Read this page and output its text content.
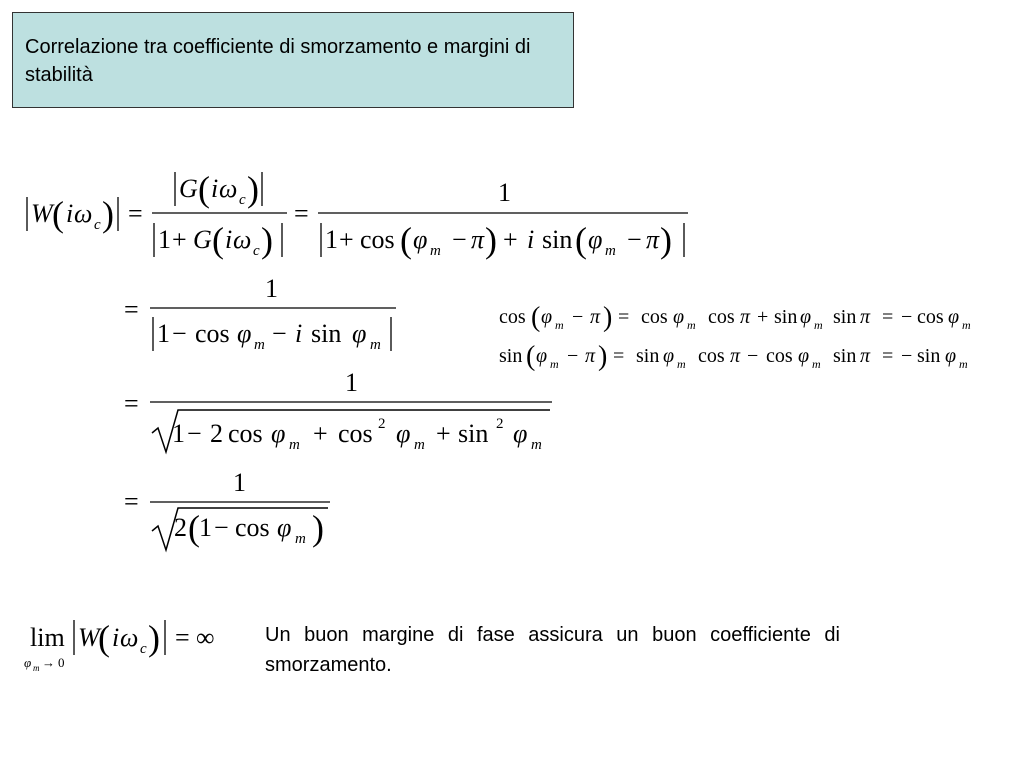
Correlazione tra coefficiente di smorzamento e margini di stabilità
W ( i ω c ) =
G ( i ω c )
1 + G ( i ω c )
=
1
1 + cos ( φ m − π ) + i sin ( φ m − π )
=
1
1 − cos φ m − i sin φ m
cos ( φ m − π ) = cos φ m cos π + sin φ m sin π = − cos φ m
sin ( φ m − π ) = sin φ m cos π − cos φ m sin π = − sin φ m
=
1
1 − 2 cos φ m + cos 2 φ m + sin 2 φ m
=
1
2 ( 1 − cos φ m )
lim
φ m → 0
W
( i ω c ) = ∞	Un buon margine di fase assicura un buon coefficiente di smorzamento.
